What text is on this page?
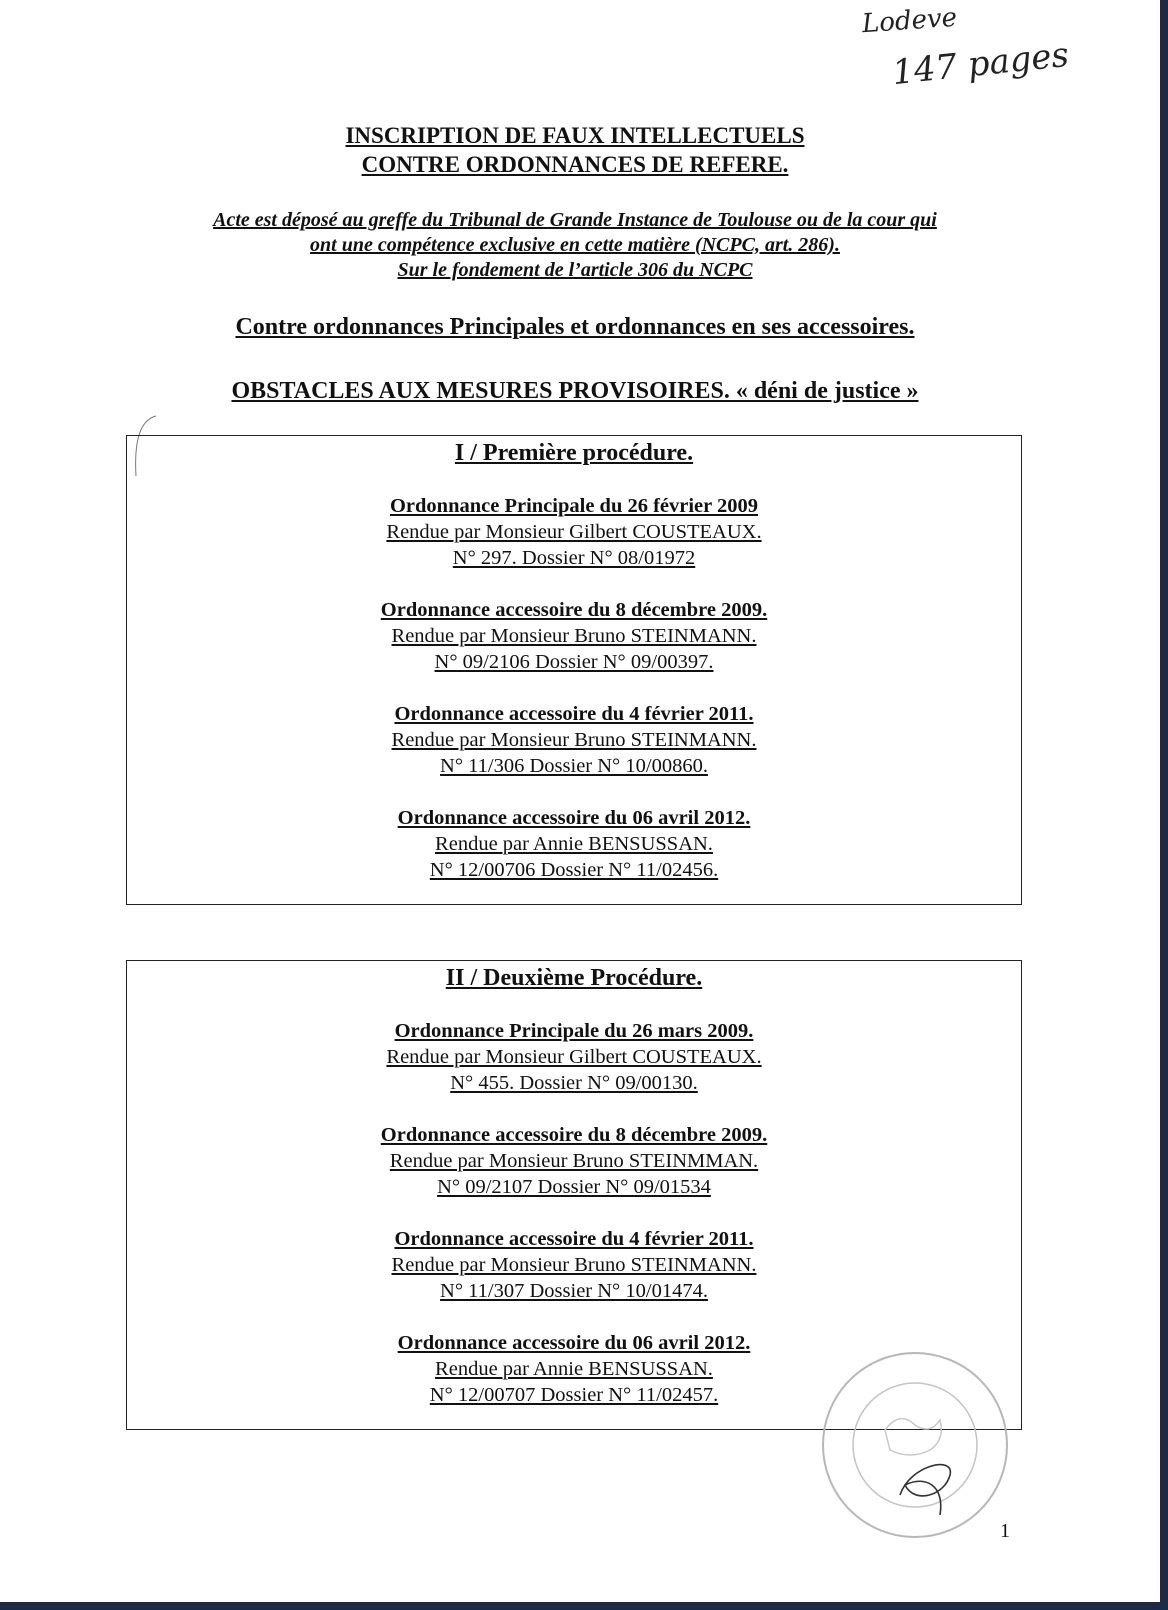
Lodeve
147 pages
INSCRIPTION DE FAUX INTELLECTUELS
CONTRE ORDONNANCES DE REFERE.
Acte est déposé au greffe du Tribunal de Grande Instance de Toulouse ou de la cour qui
ont une compétence exclusive en cette matière (NCPC, art. 286).
Sur le fondement de l’article 306 du NCPC
Contre ordonnances Principales et ordonnances en ses accessoires.
OBSTACLES AUX MESURES PROVISOIRES. « déni de justice »
I / Première procédure.
Ordonnance Principale du 26 février 2009
Rendue par Monsieur Gilbert COUSTEAUX.
N° 297. Dossier N° 08/01972
Ordonnance accessoire du 8 décembre 2009.
Rendue par Monsieur Bruno STEINMANN.
N° 09/2106 Dossier N° 09/00397.
Ordonnance accessoire du 4 février 2011.
Rendue par Monsieur Bruno STEINMANN.
N° 11/306 Dossier N° 10/00860.
Ordonnance accessoire du 06 avril 2012.
Rendue par Annie BENSUSSAN.
N° 12/00706 Dossier N° 11/02456.
II / Deuxième Procédure.
Ordonnance Principale du 26 mars 2009.
Rendue par Monsieur Gilbert COUSTEAUX.
N° 455. Dossier N° 09/00130.
Ordonnance accessoire du 8 décembre 2009.
Rendue par Monsieur Bruno STEINMMAN.
N° 09/2107 Dossier N° 09/01534
Ordonnance accessoire du 4 février 2011.
Rendue par Monsieur Bruno STEINMANN.
N° 11/307 Dossier N° 10/01474.
Ordonnance accessoire du 06 avril 2012.
Rendue par Annie BENSUSSAN.
N° 12/00707 Dossier N° 11/02457.
1
